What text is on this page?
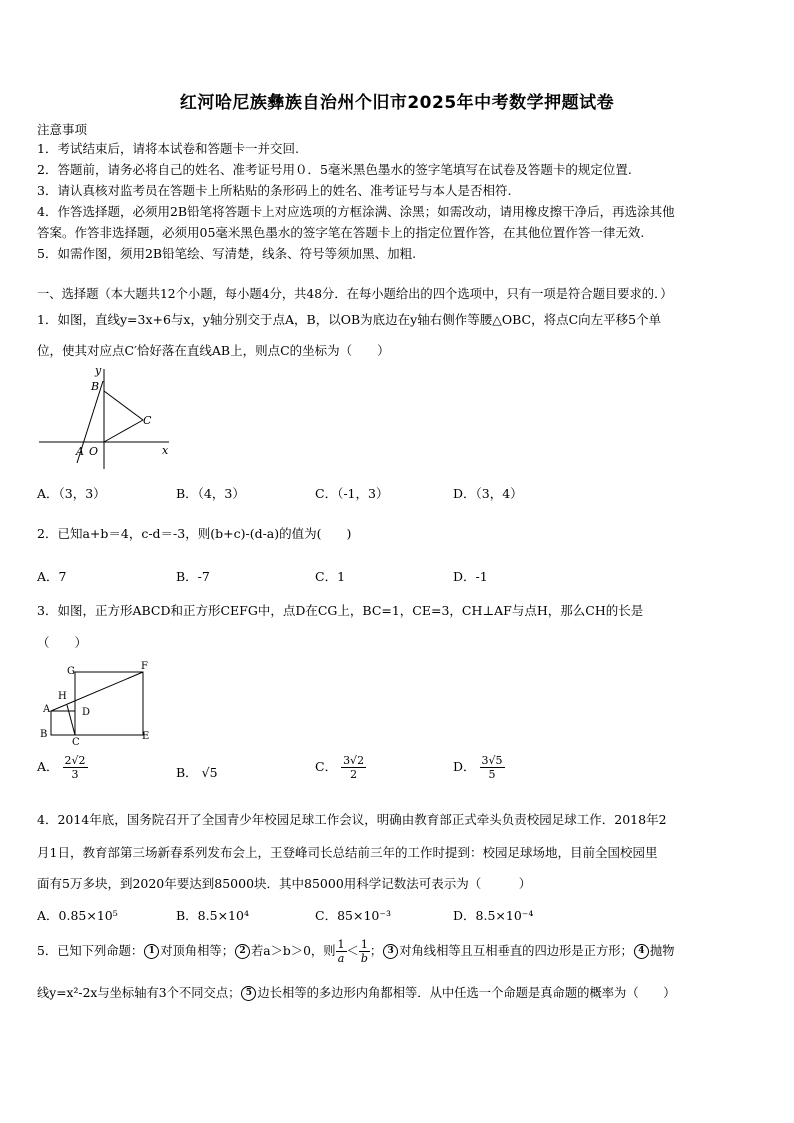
红河哈尼族彝族自治州个旧市2025年中考数学押题试卷
注意事项
1．考试结束后，请将本试卷和答题卡一并交回.
2．答题前，请务必将自己的姓名、准考证号用０．5毫米黑色墨水的签字笔填写在试卷及答题卡的规定位置.
3．请认真核对监考员在答题卡上所粘贴的条形码上的姓名、准考证号与本人是否相符.
4．作答选择题，必须用2B铅笔将答题卡上对应选项的方框涂满、涂黑；如需改动，请用橡皮擦干净后，再选涂其他
答案。作答非选择题，必须用05毫米黑色墨水的签字笔在答题卡上的指定位置作答，在其他位置作答一律无效.
5．如需作图，须用2B铅笔绘、写清楚，线条、符号等须加黑、加粗.
一、选择题（本大题共12个小题，每小题4分，共48分．在每小题给出的四个选项中，只有一项是符合题目要求的．）
1．如图，直线y=3x+6与x，y轴分别交于点A，B，以OB为底边在y轴右侧作等腰△OBC，将点C向左平移5个单
位，使其对应点C′恰好落在直线AB上，则点C的坐标为（　　）
y
B
C
A O	x
A．（3，3）	B．（4，3）	C．（-1，3）	D．（3，4）
2．已知a+b＝4，c-d＝-3，则(b+c)-(d-a)的值为(　　)
A．7	B．-7	C．1	D．-1
3．如图，正方形ABCD和正方形CEFG中，点D在CG上，BC=1，CE=3，CH⊥AF与点H，那么CH的长是
（　　）
G	F
H
A	D
B
C
E
A． $\frac{2√2}{3}$	B． √5	C． $\frac{3√2}{2}$	D． $\frac{3√5}{5}$
4．2014年底，国务院召开了全国青少年校园足球工作会议，明确由教育部正式牵头负责校园足球工作．2018年2
月1日，教育部第三场新春系列发布会上，王登峰司长总结前三年的工作时提到：校园足球场地，目前全国校园里
面有5万多块，到2020年要达到85000块．其中85000用科学记数法可表示为（　　　）
A．0.85×10⁵	B．8.5×10⁴	C．85×10⁻³	D．8.5×10⁻⁴
5．已知下列命题： 1 对顶角相等； 2 若a＞b＞0，则 $\frac{1}{a} < \frac{1}{b}$ ； 3 对角线相等且互相垂直的四边形是正方形； 4 抛物
线y=x²-2x与坐标轴有3个不同交点； 5 边长相等的多边形内角都相等．从中任选一个命题是真命题的概率为（　　）
